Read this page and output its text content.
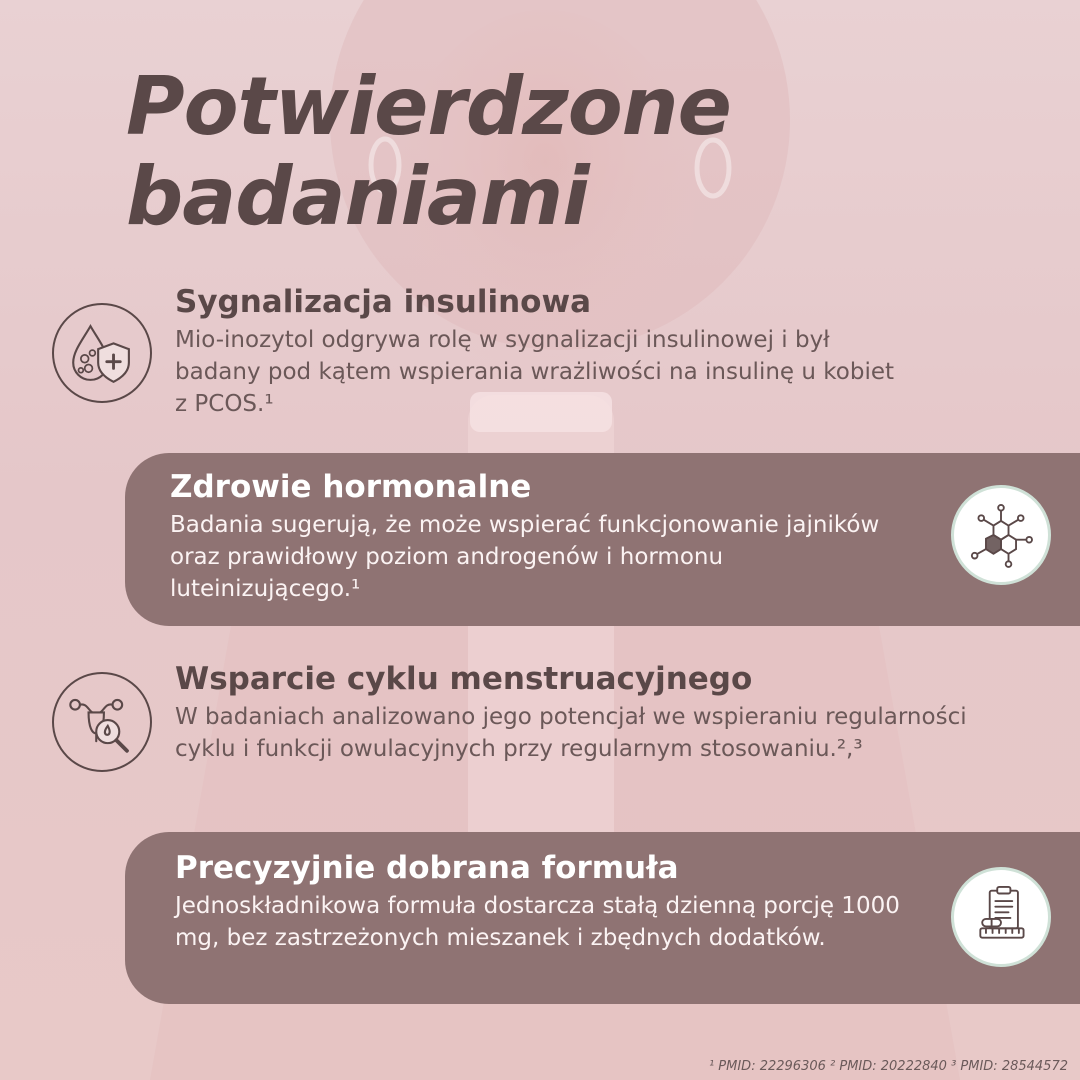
Potwierdzone
badaniami
Sygnalizacja insulinowa

Mio-inozytol odgrywa rolę w sygnalizacji insulinowej i był badany pod kątem wspierania wrażliwości na insulinę u kobiet z PCOS.¹

Zdrowie hormonalne

Badania sugerują, że może wspierać funkcjonowanie jajników oraz prawidłowy poziom androgenów i hormonu luteinizującego.¹

Wsparcie cyklu menstruacyjnego

W badaniach analizowano jego potencjał we wspieraniu regularności cyklu i funkcji owulacyjnych przy regularnym stosowaniu.²,³

Precyzyjnie dobrana formuła

Jednoskładnikowa formuła dostarcza stałą dzienną porcję 1000 mg, bez zastrzeżonych mieszanek i zbędnych dodatków.

¹ PMID: 22296306 ² PMID: 20222840 ³ PMID: 28544572
